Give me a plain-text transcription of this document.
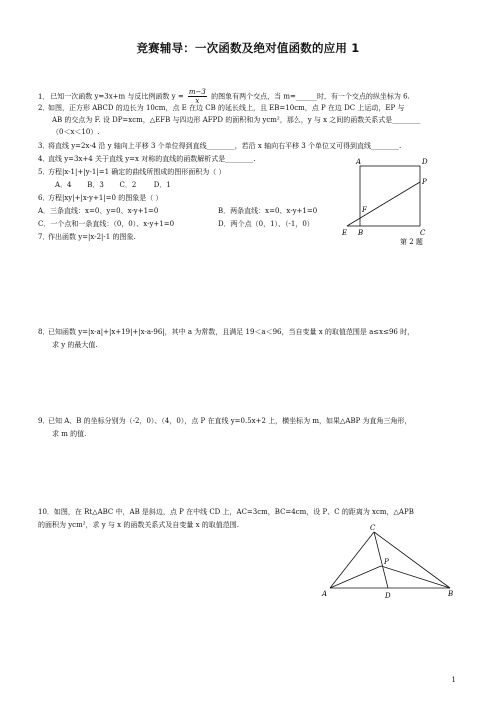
竞赛辅导：一次函数及绝对值函数的应用 1
1． 已知一次函数 y=3x+m 与反比例函数 $y = \frac{m-3}{x}$ 的图象有两个交点，当 m=______时，有一个交点的纵坐标为 6.
2．如图，正方形 ABCD 的边长为 10cm，点 E 在边 CB 的延长线上，且 EB=10cm，点 P 在边 DC 上运动，EP 与
AB 的交点为 F. 设 DP=xcm，△EFB 与四边形 AFPD 的面积和为 ycm²，那么，y 与 x 之间的函数关系式是________
（0＜x＜10）.
3．将直线 y=2x-4 沿 y 轴向上平移 3 个单位得到直线________，若沿 x 轴向右平移 3 个单位又可得到直线________.
4．直线 y=3x+4 关于直线 y=x 对称的直线的函数解析式是________.
5．方程|x-1|+|y-1|=1 确定的曲线所围成的图形面积为（ ）
A．4 B．3 C．2 D．1
6．方程|xy|+|x-y+1|=0 的图象是（ ）
A．三条直线：x=0、y=0、x-y+1=0	B．两条直线：x=0、x-y+1=0
C．一个点和一条直线：（0，0）、x-y+1=0	D．两个点（0，1）、（-1，0）
7．作出函数 y=|x-2|-1 的图象.
A	D
P
F
E B	C
第 2 题
8．已知函数 y=|x-a|+|x+19|+|x-a-96|，其中 a 为常数，且满足 19＜a＜96，当自变量 x 的取值范围是 a≤x≤96 时，
求 y 的最大值.
9．已知 A、B 的坐标分别为（-2，0）、（4，0），点 P 在直线 y=0.5x+2 上，横坐标为 m，如果△ABP 为直角三角形，
求 m 的值.
10．如图，在 Rt△ABC 中，AB 是斜边，点 P 在中线 CD 上，AC=3cm，BC=4cm，设 P、C 的距离为 xcm，△APB
的面积为 ycm²，求 y 与 x 的函数关系式及自变量 x 的取值范围.	C
P
A	D	B
1
